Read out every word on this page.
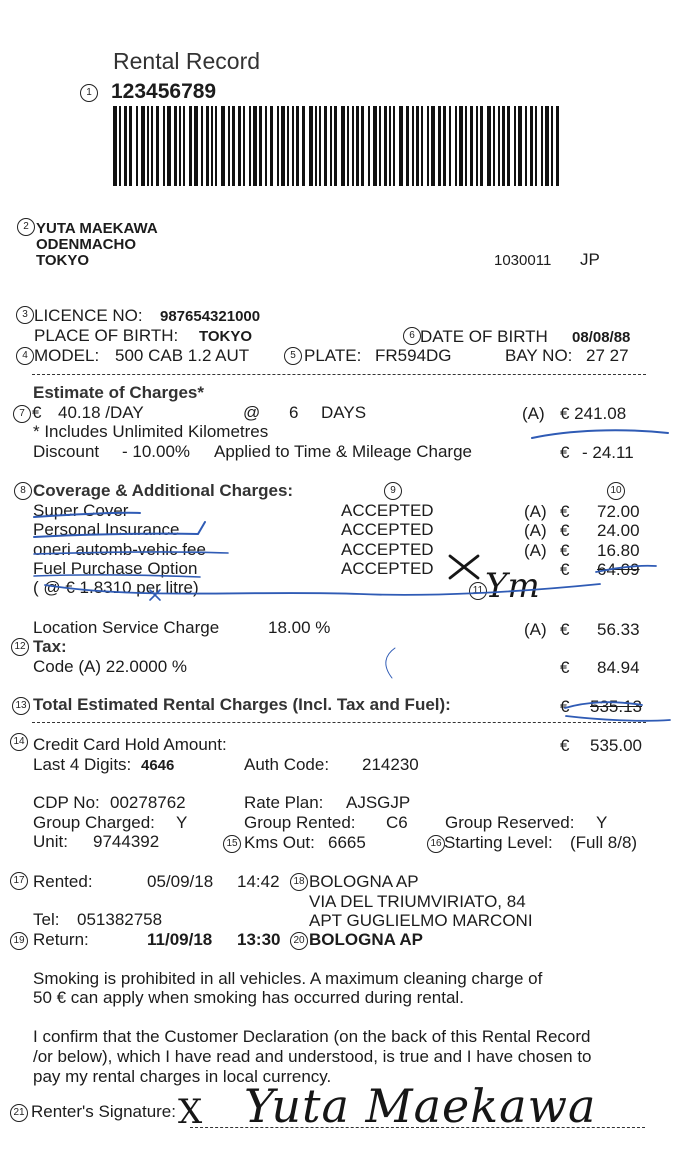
Rental Record
1 123456789
2 YUTA MAEKAWA
ODENMACHO
TOKYO	1030011 JP
3 LICENCE NO: 987654321000
PLACE OF BIRTH: TOKYO	6 DATE OF BIRTH 08/08/88
4 MODEL: 500 CAB 1.2 AUT	5 PLATE: FR594DG	BAY NO: 27 27
Estimate of Charges*
7 € 40.18 /DAY	@ 6 DAYS	(A) € 241.08
* Includes Unlimited Kilometres
Discount - 10.00% Applied to Time & Mileage Charge	€ - 24.11
8 Coverage & Additional Charges:	9	10
Super Cover	ACCEPTED	(A) € 72.00
Personal Insurance	ACCEPTED	(A) € 24.00
oneri automb-vehic fee	ACCEPTED	(A) € 16.80
Fuel Purchase Option	ACCEPTED	€ 64.09
( @ € 1.8310 per litre)	11
Location Service Charge	18.00 %	(A) € 56.33
12 Tax:
Code (A) 22.0000 %	€ 84.94
13 Total Estimated Rental Charges (Incl. Tax and Fuel):	€ 535.13
14 Credit Card Hold Amount:	€ 535.00
Last 4 Digits: 4646	Auth Code: 214230
CDP No: 00278762	Rate Plan: AJSGJP
Group Charged: Y	Group Rented: C6 Group Reserved: Y
Unit: 9744392	15 Kms Out: 6665	16 Starting Level: (Full 8/8)
17 Rented:	05/09/18 14:42	18 BOLOGNA AP
VIA DEL TRIUMVIRIATO, 84
APT GUGLIELMO MARCONI
Tel: 051382758
19 Return:	11/09/18 13:30	20 BOLOGNA AP
Smoking is prohibited in all vehicles. A maximum cleaning charge of
50 € can apply when smoking has occurred during rental.
I confirm that the Customer Declaration (on the back of this Rental Record
/or below), which I have read and understood, is true and I have chosen to
pay my rental charges in local currency.
21 Renter's Signature: X Yuta Maekawa
Ym
